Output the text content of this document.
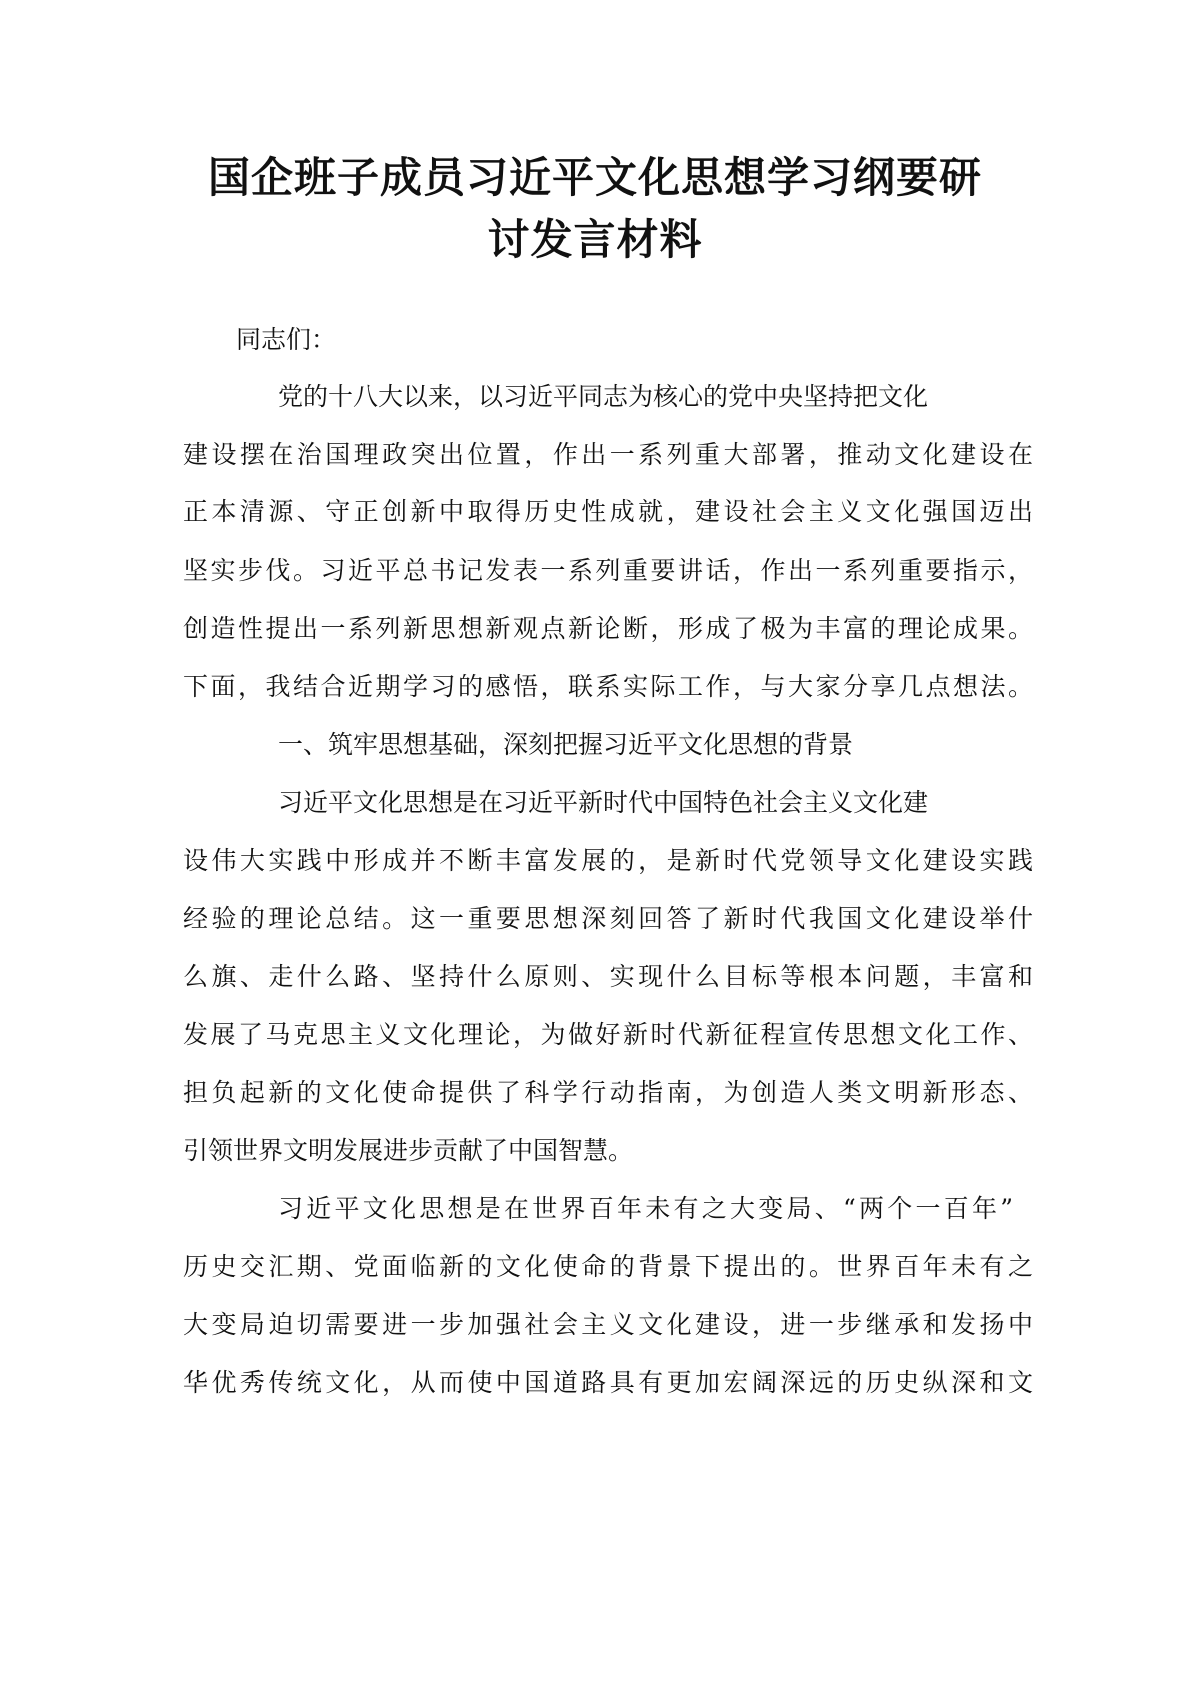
国企班子成员习近平文化思想学习纲要研
讨发言材料

同志们：

党的十八大以来，以习近平同志为核心的党中央坚持把文化

建设摆在治国理政突出位置，作出一系列重大部署，推动文化建设在

正本清源、守正创新中取得历史性成就，建设社会主义文化强国迈出

坚实步伐。习近平总书记发表一系列重要讲话，作出一系列重要指示，

创造性提出一系列新思想新观点新论断，形成了极为丰富的理论成果。

下面，我结合近期学习的感悟，联系实际工作，与大家分享几点想法。

一、筑牢思想基础，深刻把握习近平文化思想的背景

习近平文化思想是在习近平新时代中国特色社会主义文化建

设伟大实践中形成并不断丰富发展的，是新时代党领导文化建设实践

经验的理论总结。这一重要思想深刻回答了新时代我国文化建设举什

么旗、走什么路、坚持什么原则、实现什么目标等根本问题，丰富和

发展了马克思主义文化理论，为做好新时代新征程宣传思想文化工作、

担负起新的文化使命提供了科学行动指南，为创造人类文明新形态、

引领世界文明发展进步贡献了中国智慧。

习近平文化思想是在世界百年未有之大变局、“两个一百年”

历史交汇期、党面临新的文化使命的背景下提出的。世界百年未有之

大变局迫切需要进一步加强社会主义文化建设，进一步继承和发扬中

华优秀传统文化，从而使中国道路具有更加宏阔深远的历史纵深和文
